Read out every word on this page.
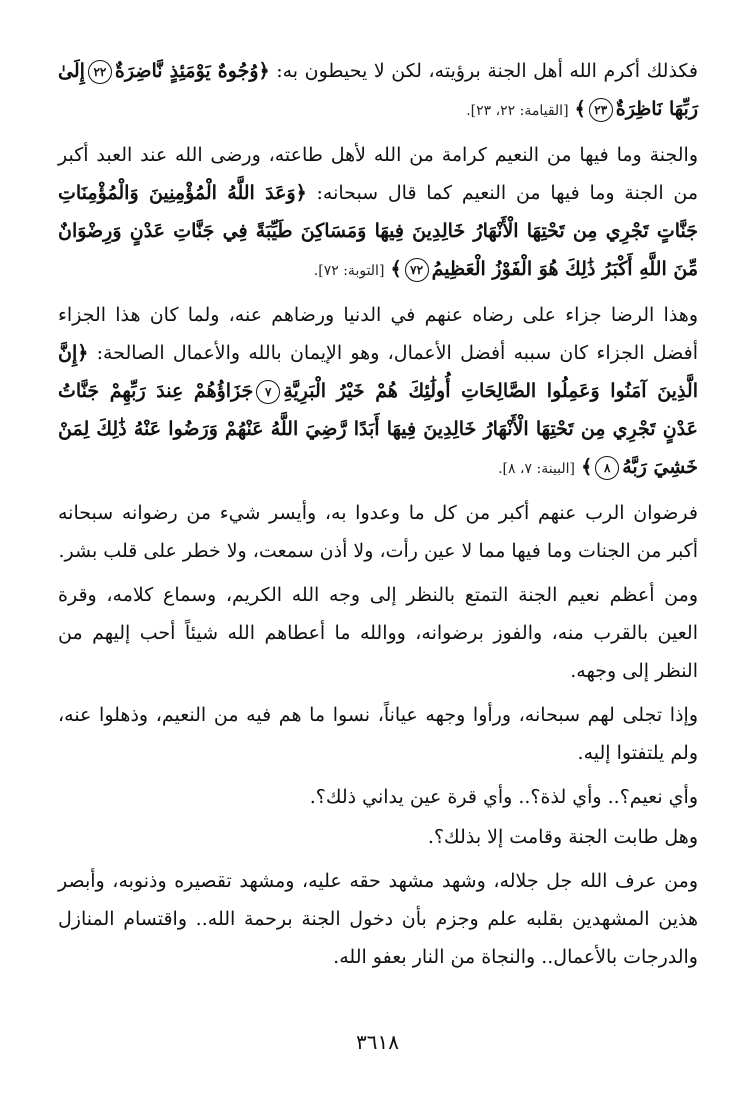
فكذلك أكرم الله أهل الجنة برؤيته، لكن لا يحيطون به: ﴿وُجُوهٌ يَوْمَئِذٍ نَّاضِرَةٌ٢٢إِلَىٰ رَبِّهَا نَاظِرَةٌ٢٣﴾ [القيامة: ٢٢، ٢٣].

والجنة وما فيها من النعيم كرامة من الله لأهل طاعته، ورضى الله عند العبد أكبر من الجنة وما فيها من النعيم كما قال سبحانه: ﴿وَعَدَ اللَّهُ الْمُؤْمِنِينَ وَالْمُؤْمِنَاتِ جَنَّاتٍ تَجْرِي مِن تَحْتِهَا الْأَنْهَارُ خَالِدِينَ فِيهَا وَمَسَاكِنَ طَيِّبَةً فِي جَنَّاتِ عَدْنٍ وَرِضْوَانٌ مِّنَ اللَّهِ أَكْبَرُ ذَٰلِكَ هُوَ الْفَوْزُ الْعَظِيمُ٧٢﴾ [التوبة: ٧٢].

وهذا الرضا جزاء على رضاه عنهم في الدنيا ورضاهم عنه، ولما كان هذا الجزاء أفضل الجزاء كان سببه أفضل الأعمال، وهو الإيمان بالله والأعمال الصالحة: ﴿إِنَّ الَّذِينَ آمَنُوا وَعَمِلُوا الصَّالِحَاتِ أُولَٰئِكَ هُمْ خَيْرُ الْبَرِيَّةِ٧جَزَاؤُهُمْ عِندَ رَبِّهِمْ جَنَّاتُ عَدْنٍ تَجْرِي مِن تَحْتِهَا الْأَنْهَارُ خَالِدِينَ فِيهَا أَبَدًا رَّضِيَ اللَّهُ عَنْهُمْ وَرَضُوا عَنْهُ ذَٰلِكَ لِمَنْ خَشِيَ رَبَّهُ٨﴾ [البينة: ٧، ٨].

فرضوان الرب عنهم أكبر من كل ما وعدوا به، وأيسر شيء من رضوانه سبحانه أكبر من الجنات وما فيها مما لا عين رأت، ولا أذن سمعت، ولا خطر على قلب بشر.

ومن أعظم نعيم الجنة التمتع بالنظر إلى وجه الله الكريم، وسماع كلامه، وقرة العين بالقرب منه، والفوز برضوانه، ووالله ما أعطاهم الله شيئاً أحب إليهم من النظر إلى وجهه.

وإذا تجلى لهم سبحانه، ورأوا وجهه عياناً، نسوا ما هم فيه من النعيم، وذهلوا عنه، ولم يلتفتوا إليه.

وأي نعيم؟.. وأي لذة؟.. وأي قرة عين يداني ذلك؟.

وهل طابت الجنة وقامت إلا بذلك؟.

ومن عرف الله جل جلاله، وشهد مشهد حقه عليه، ومشهد تقصيره وذنوبه، وأبصر هذين المشهدين بقلبه علم وجزم بأن دخول الجنة برحمة الله.. واقتسام المنازل والدرجات بالأعمال.. والنجاة من النار بعفو الله.

٣٦١٨
